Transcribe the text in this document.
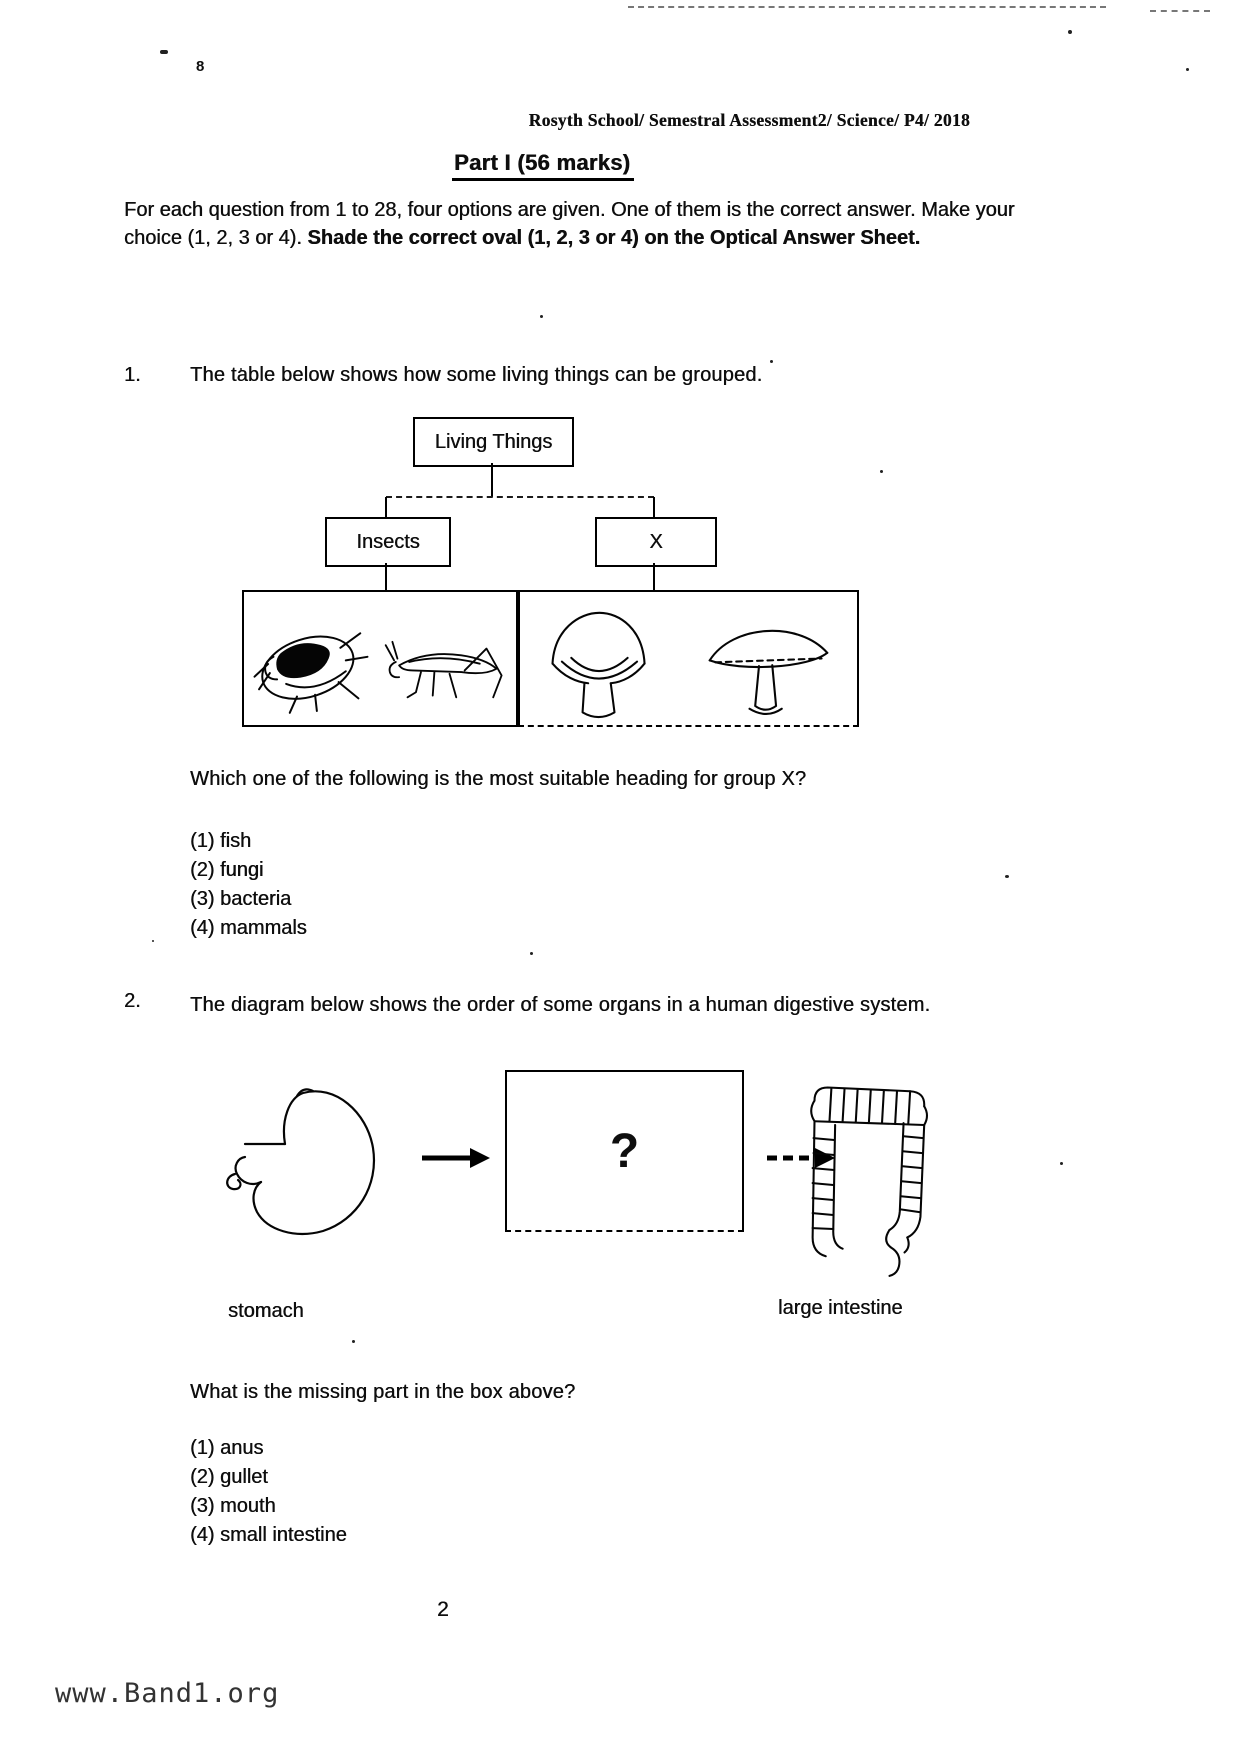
8
Rosyth School/ Semestral Assessment2/ Science/ P4/ 2018
Part I (56 marks)

For each question from 1 to 28, four options are given. One of them is the correct answer. Make your choice (1, 2, 3 or 4). Shade the correct oval (1, 2, 3 or 4) on the Optical Answer Sheet.

1. The table below shows how some living things can be grouped.
Living Things
Insects	X
Which one of the following is the most suitable heading for group X?
(1) fish
(2) fungi
(3) bacteria
(4) mammals
2. The diagram below shows the order of some organs in a human digestive system.
stomach
?
large intestine
What is the missing part in the box above?
(1) anus
(2) gullet
(3) mouth
(4) small intestine
2
www.Band1.org
